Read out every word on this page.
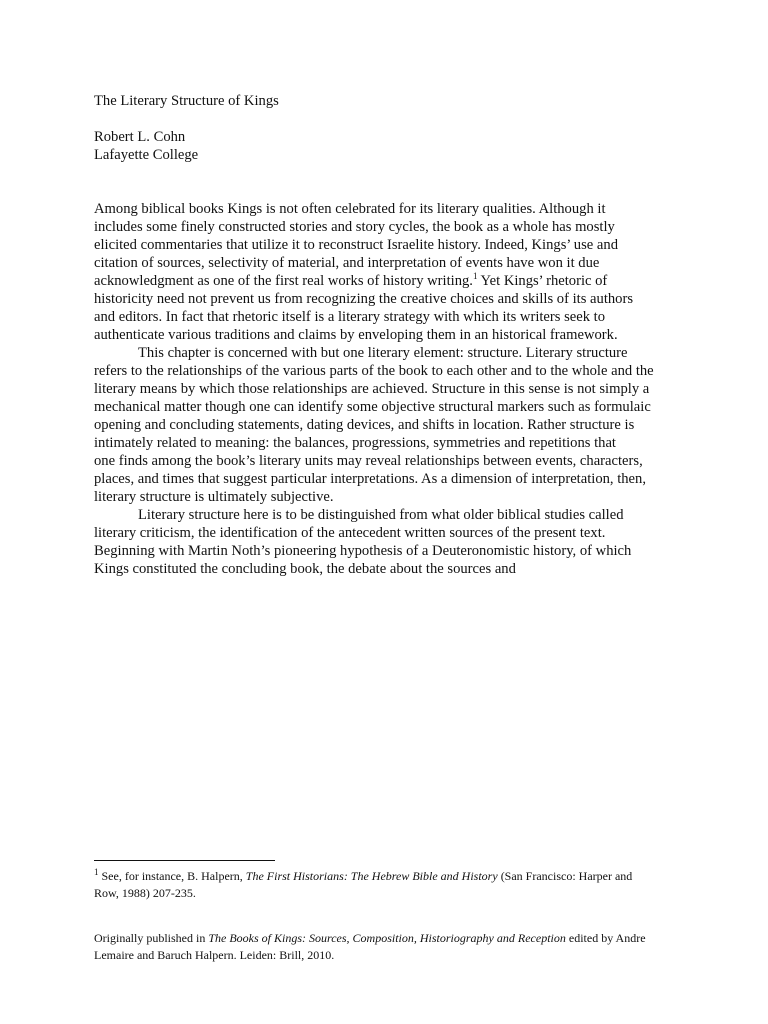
The Literary Structure of Kings
Robert L. Cohn
Lafayette College
Among biblical books Kings is not often celebrated for its literary qualities. Although it
includes some finely constructed stories and story cycles, the book as a whole has mostly
elicited commentaries that utilize it to reconstruct Israelite history. Indeed, Kings’ use and
citation of sources, selectivity of material, and interpretation of events have won it due
acknowledgment as one of the first real works of history writing.$^1$ Yet Kings’ rhetoric of
historicity need not prevent us from recognizing the creative choices and skills of its authors
and editors. In fact that rhetoric itself is a literary strategy with which its writers seek to
authenticate various traditions and claims by enveloping them in an historical framework.
This chapter is concerned with but one literary element: structure. Literary structure
refers to the relationships of the various parts of the book to each other and to the whole and the
literary means by which those relationships are achieved. Structure in this sense is not simply a
mechanical matter though one can identify some objective structural markers such as formulaic
opening and concluding statements, dating devices, and shifts in location. Rather structure is
intimately related to meaning: the balances, progressions, symmetries and repetitions that
one finds among the book’s literary units may reveal relationships between events, characters,
places, and times that suggest particular interpretations. As a dimension of interpretation, then,
literary structure is ultimately subjective.
Literary structure here is to be distinguished from what older biblical studies called
literary criticism, the identification of the antecedent written sources of the present text.
Beginning with Martin Noth’s pioneering hypothesis of a Deuteronomistic history, of which
Kings constituted the concluding book, the debate about the sources and
$^1$ See, for instance, B. Halpern, The First Historians: The Hebrew Bible and History (San Francisco: Harper and
Row, 1988) 207-235.
Originally published in The Books of Kings: Sources, Composition, Historiography and Reception edited by Andre
Lemaire and Baruch Halpern. Leiden: Brill, 2010.
